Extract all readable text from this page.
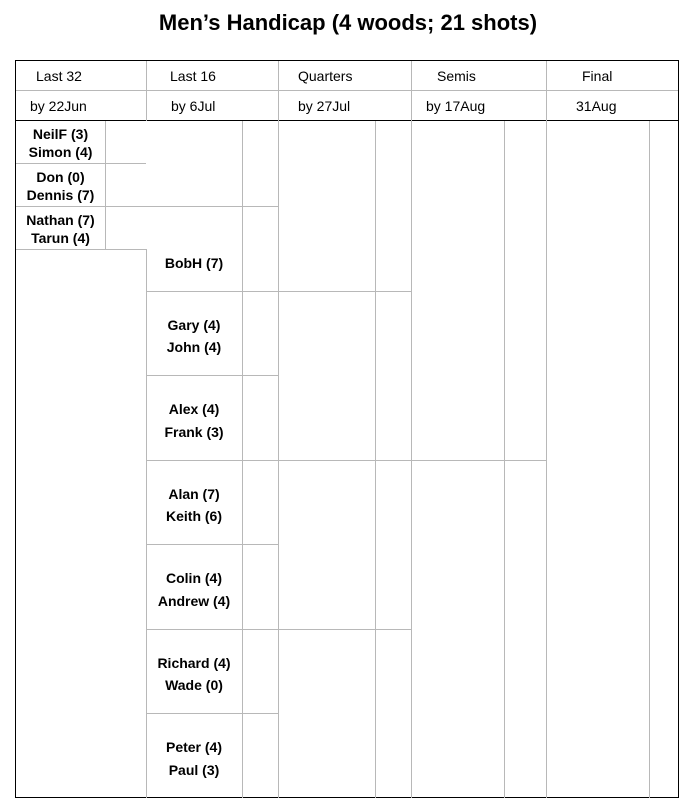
Men’s Handicap (4 woods; 21 shots)
Last 32
by 22Jun
Last 16
by 6Jul
Quarters
by 27Jul
Semis
by 17Aug
Final
31Aug
NeilF (3)
Simon (4)
Don (0)
Dennis (7)
Nathan (7)
Tarun (4)
BobH (7)
Gary (4)
John (4)
Alex (4)
Frank (3)
Alan (7)
Keith (6)
Colin (4)
Andrew (4)
Richard (4)
Wade (0)
Peter (4)
Paul (3)
